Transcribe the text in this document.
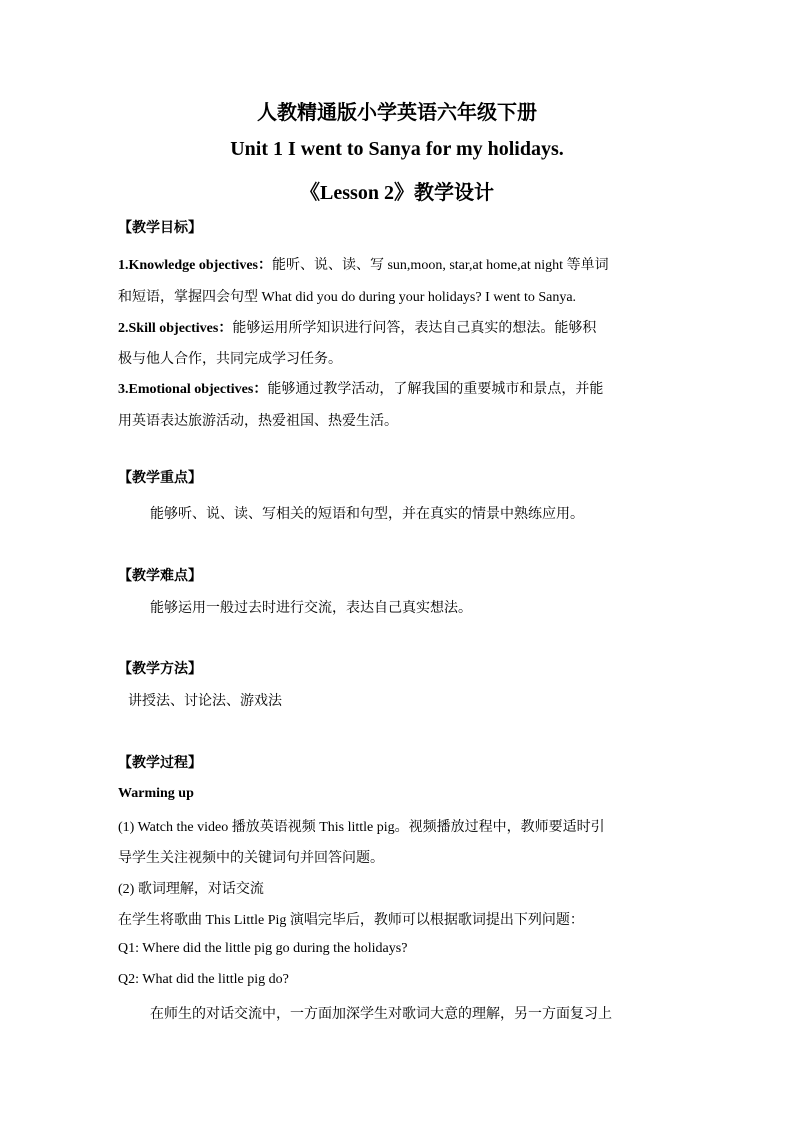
人教精通版小学英语六年级下册
Unit 1 I went to Sanya for my holidays.
《Lesson 2》教学设计
【教学目标】
1.Knowledge objectives：能听、说、读、写 sun,moon, star,at home,at night 等单词
和短语，掌握四会句型 What did you do during your holidays? I went to Sanya.
2.Skill objectives：能够运用所学知识进行问答，表达自己真实的想法。能够积
极与他人合作，共同完成学习任务。
3.Emotional objectives：能够通过教学活动，了解我国的重要城市和景点，并能
用英语表达旅游活动，热爱祖国、热爱生活。
【教学重点】
能够听、说、读、写相关的短语和句型，并在真实的情景中熟练应用。
【教学难点】
能够运用一般过去时进行交流，表达自己真实想法。
【教学方法】
讲授法、讨论法、游戏法
【教学过程】
Warming up
(1) Watch the video 播放英语视频 This little pig。视频播放过程中，教师要适时引
导学生关注视频中的关键词句并回答问题。
(2) 歌词理解，对话交流
在学生将歌曲 This Little Pig 演唱完毕后，教师可以根据歌词提出下列问题：
Q1: Where did the little pig go during the holidays?
Q2: What did the little pig do?
在师生的对话交流中，一方面加深学生对歌词大意的理解，另一方面复习上
